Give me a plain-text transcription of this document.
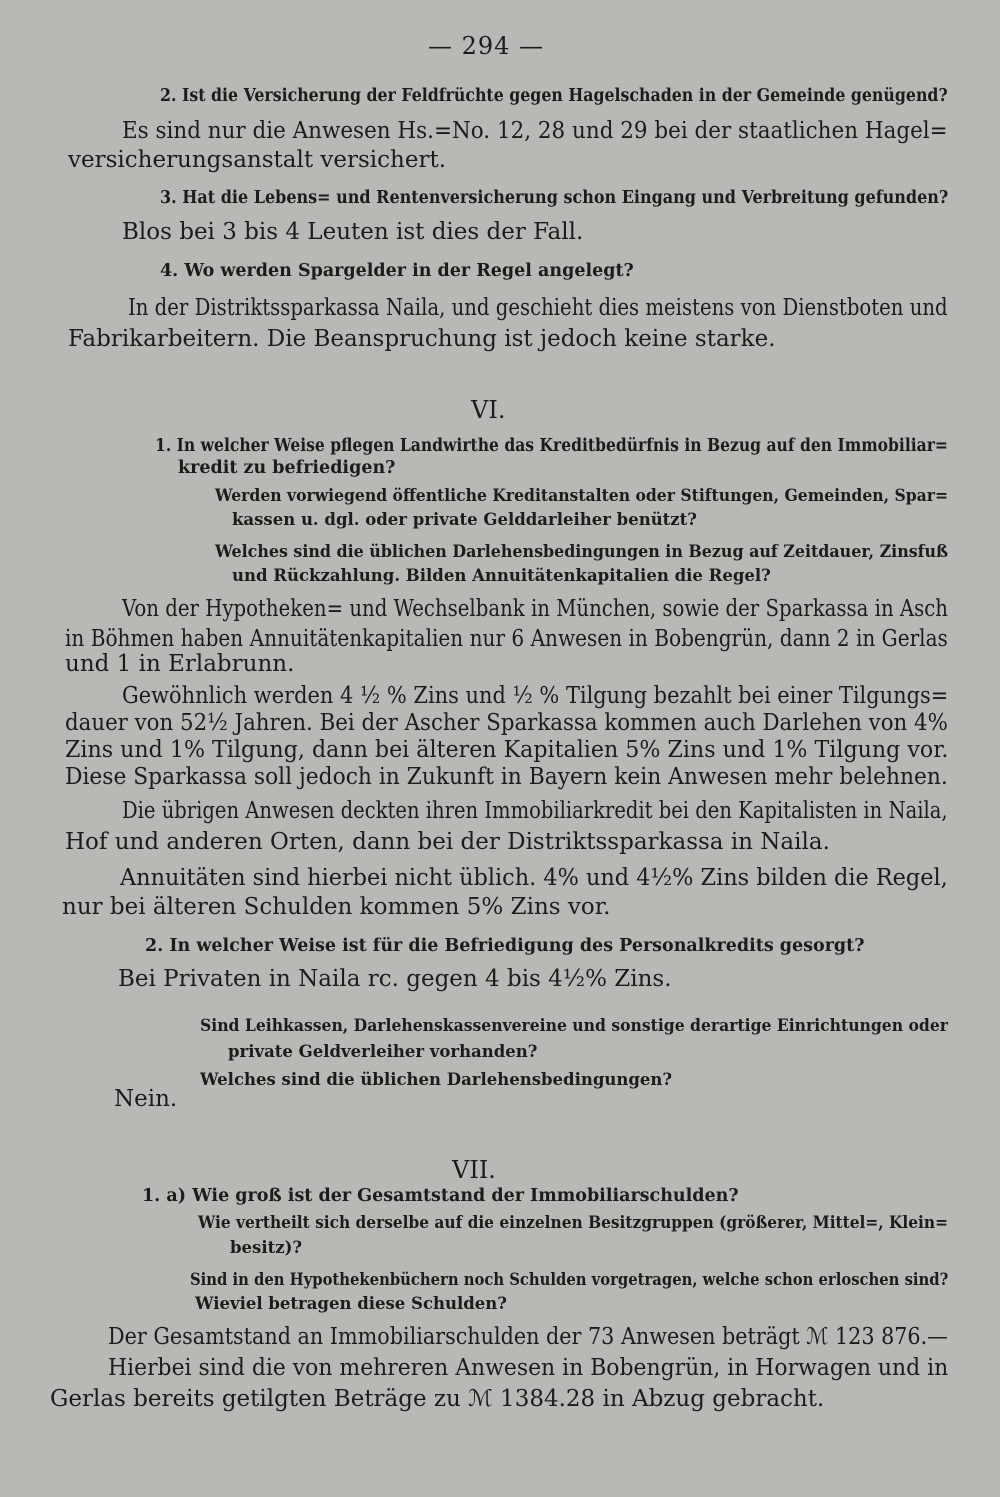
— 294 —
2. Ist die Versicherung der Feldfrüchte gegen Hagelschaden in der Gemeinde genügend?
Es sind nur die Anwesen Hs.=No. 12, 28 und 29 bei der staatlichen Hagel=
versicherungsanstalt versichert.
3. Hat die Lebens= und Rentenversicherung schon Eingang und Verbreitung gefunden?
Blos bei 3 bis 4 Leuten ist dies der Fall.
4. Wo werden Spargelder in der Regel angelegt?
In der Distriktssparkassa Naila, und geschieht dies meistens von Dienstboten und
Fabrikarbeitern. Die Beanspruchung ist jedoch keine starke.
VI.
1. In welcher Weise pflegen Landwirthe das Kreditbedürfnis in Bezug auf den Immobiliar=
kredit zu befriedigen?
Werden vorwiegend öffentliche Kreditanstalten oder Stiftungen, Gemeinden, Spar=
kassen u. dgl. oder private Gelddarleiher benützt?
Welches sind die üblichen Darlehensbedingungen in Bezug auf Zeitdauer, Zinsfuß
und Rückzahlung. Bilden Annuitätenkapitalien die Regel?
Von der Hypotheken= und Wechselbank in München, sowie der Sparkassa in Asch
in Böhmen haben Annuitätenkapitalien nur 6 Anwesen in Bobengrün, dann 2 in Gerlas
und 1 in Erlabrunn.
Gewöhnlich werden 4 ½ % Zins und ½ % Tilgung bezahlt bei einer Tilgungs=
dauer von 52½ Jahren. Bei der Ascher Sparkassa kommen auch Darlehen von 4%
Zins und 1% Tilgung, dann bei älteren Kapitalien 5% Zins und 1% Tilgung vor.
Diese Sparkassa soll jedoch in Zukunft in Bayern kein Anwesen mehr belehnen.
Die übrigen Anwesen deckten ihren Immobiliarkredit bei den Kapitalisten in Naila,
Hof und anderen Orten, dann bei der Distriktssparkassa in Naila.
Annuitäten sind hierbei nicht üblich. 4% und 4½% Zins bilden die Regel,
nur bei älteren Schulden kommen 5% Zins vor.
2. In welcher Weise ist für die Befriedigung des Personalkredits gesorgt?
Bei Privaten in Naila rc. gegen 4 bis 4½% Zins.
Sind Leihkassen, Darlehenskassenvereine und sonstige derartige Einrichtungen oder
private Geldverleiher vorhanden?
Welches sind die üblichen Darlehensbedingungen?
Nein.
VII.
1. a) Wie groß ist der Gesamtstand der Immobiliarschulden?
Wie vertheilt sich derselbe auf die einzelnen Besitzgruppen (größerer, Mittel=, Klein=
besitz)?
Sind in den Hypothekenbüchern noch Schulden vorgetragen, welche schon erloschen sind?
Wieviel betragen diese Schulden?
Der Gesamtstand an Immobiliarschulden der 73 Anwesen beträgt ℳ 123 876.—
Hierbei sind die von mehreren Anwesen in Bobengrün, in Horwagen und in
Gerlas bereits getilgten Beträge zu ℳ 1384.28 in Abzug gebracht.
